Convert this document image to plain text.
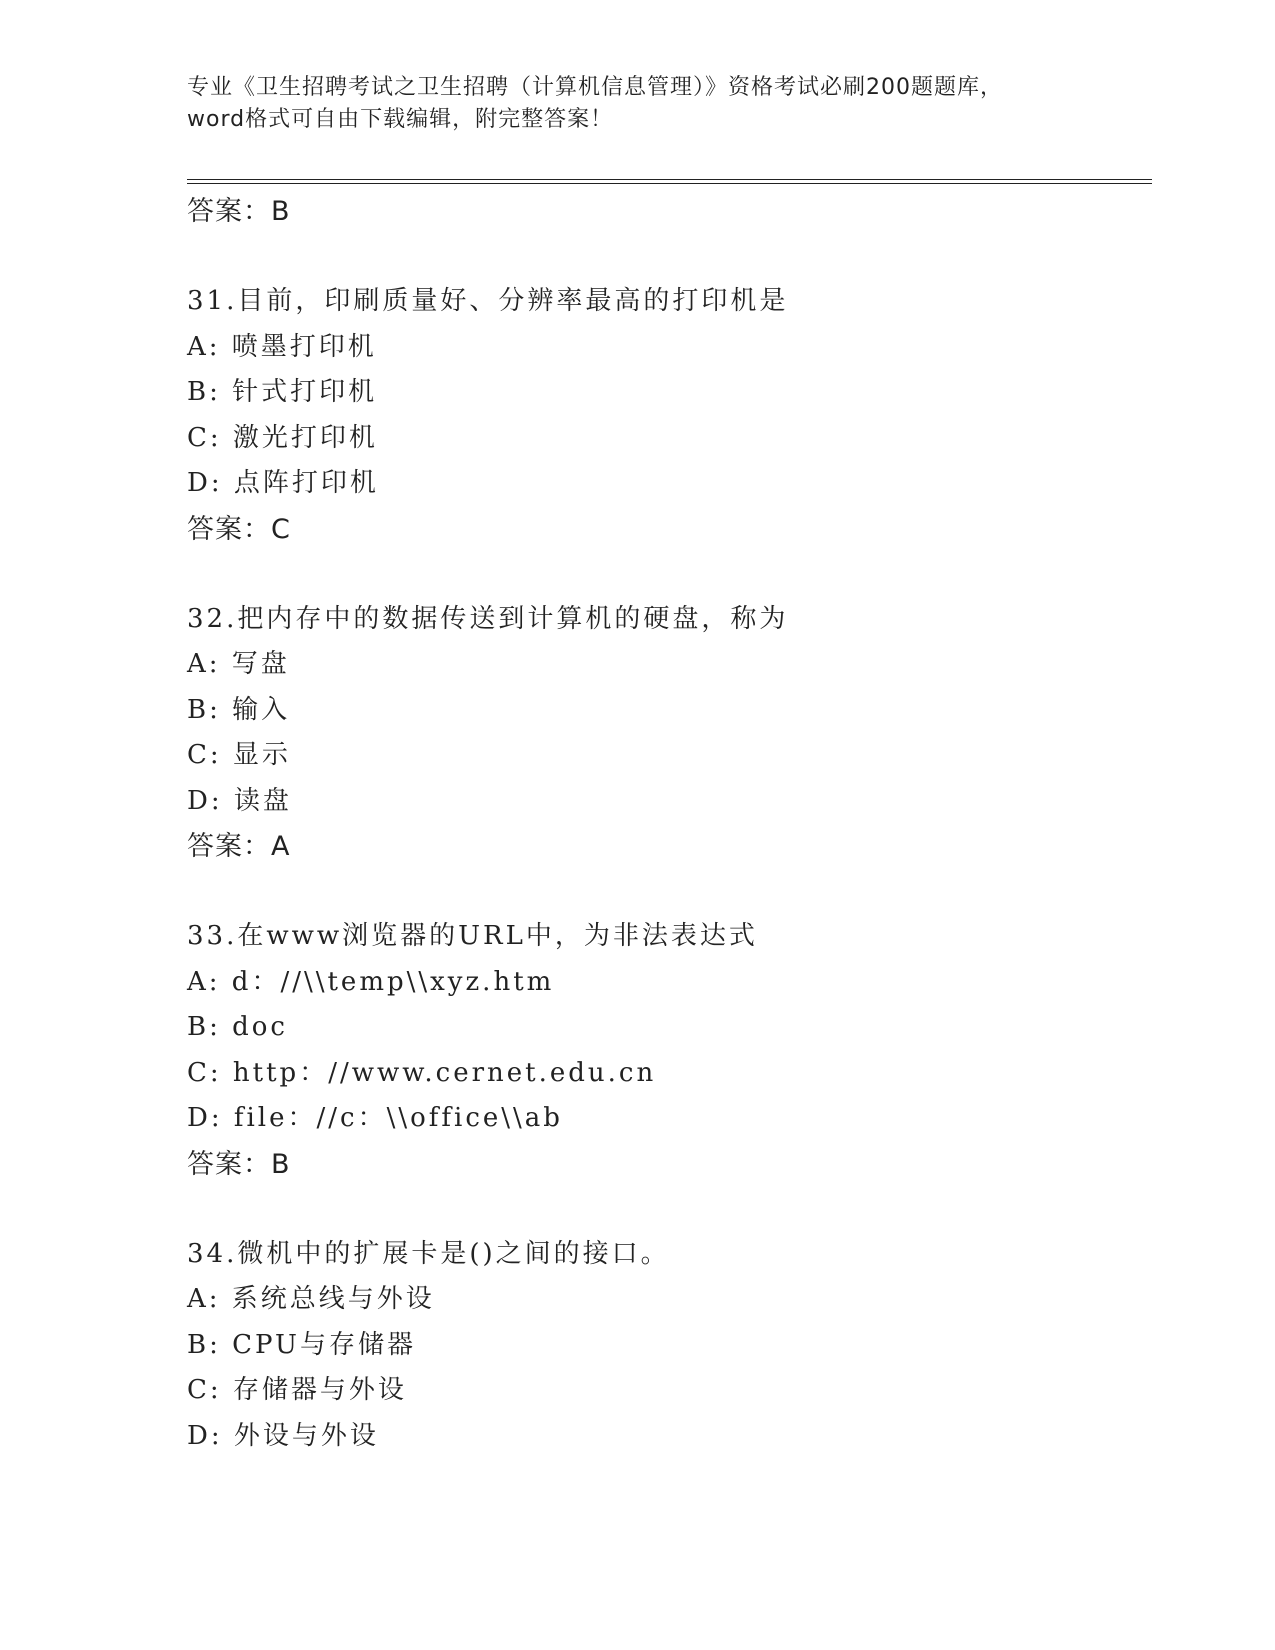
专业《卫生招聘考试之卫生招聘（计算机信息管理）》资格考试必刷200题题库，
word格式可自由下载编辑，附完整答案！
答案：B
31.目前，印刷质量好、分辨率最高的打印机是
A: 喷墨打印机
B: 针式打印机
C: 激光打印机
D: 点阵打印机
答案：C
32.把内存中的数据传送到计算机的硬盘，称为
A: 写盘
B: 输入
C: 显示
D: 读盘
答案：A
33.在www浏览器的URL中，为非法表达式
A: d：//\\temp\\xyz.htm
B: doc
C: http：//www.cernet.edu.cn
D: file：//c：\\office\\ab
答案：B
34.微机中的扩展卡是()之间的接口。
A: 系统总线与外设
B: CPU与存储器
C: 存储器与外设
D: 外设与外设
